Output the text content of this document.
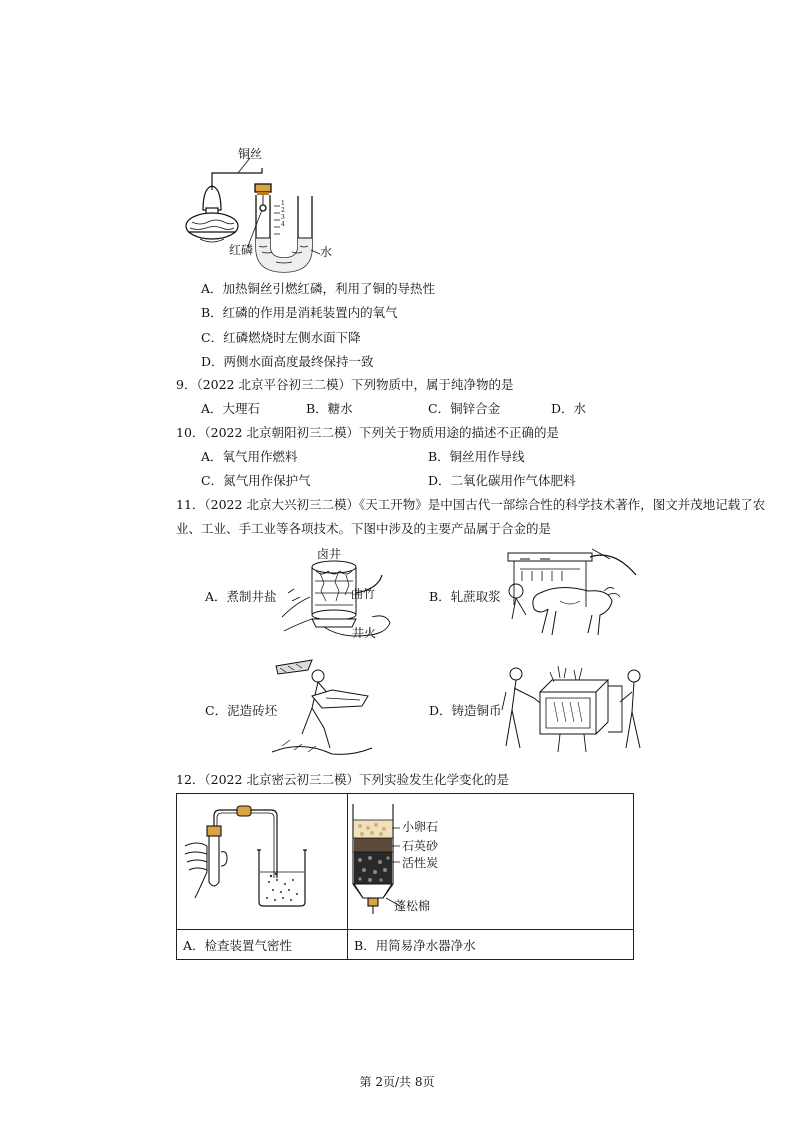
铜丝
红磷	水
1
2
3
4
A．加热铜丝引燃红磷，利用了铜的导热性
B．红磷的作用是消耗装置内的氧气
C．红磷燃烧时左侧水面下降
D．两侧水面高度最终保持一致
9．（2022 北京平谷初三二模）下列物质中，属于纯净物的是
A．大理石	B．糖水	C．铜锌合金	D．水
10．（2022 北京朝阳初三二模）下列关于物质用途的描述不正确的是
A．氧气用作燃料	B．铜丝用作导线
C．氮气用作保护气	D．二氧化碳用作气体肥料
11．（2022 北京大兴初三二模）《天工开物》是中国古代一部综合性的科学技术著作，图文并茂地记载了农
业、工业、手工业等各项技术。下图中涉及的主要产品属于合金的是
卤井
曲竹
井火
A．煮制井盐	B．轧蔗取浆
C．泥造砖坯	D．铸造铜币
12．（2022 北京密云初三二模）下列实验发生化学变化的是

小卵石
石英砂
活性炭
蓬松棉

A．检查装置气密性	B．用简易净水器净水
第 2页/共 8页
